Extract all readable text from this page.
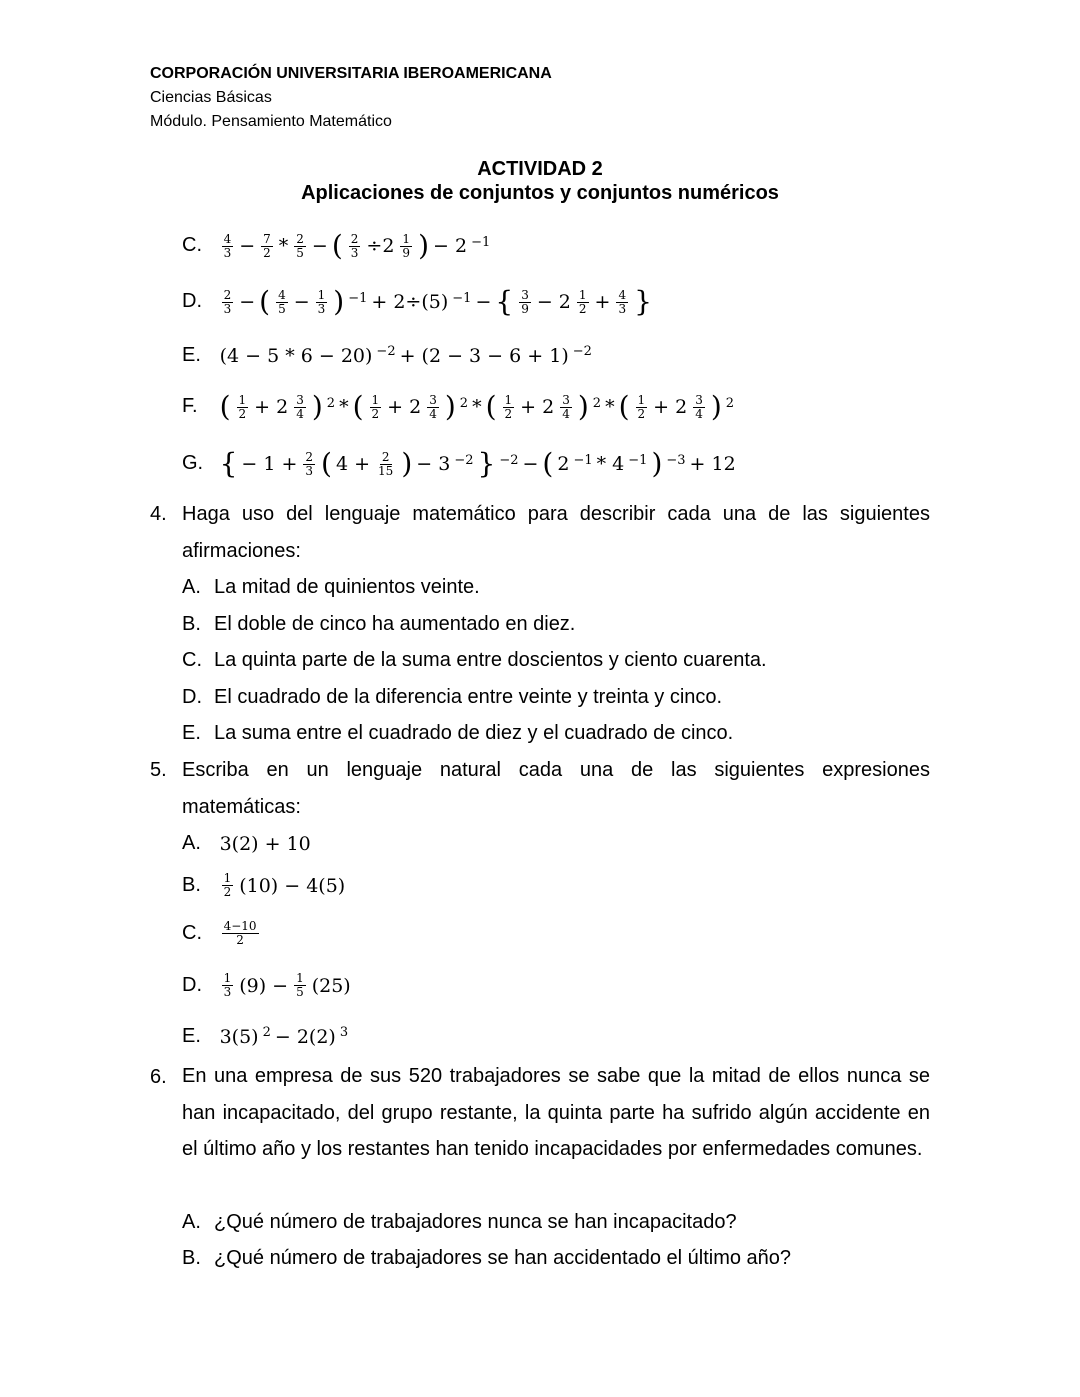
CORPORACIÓN UNIVERSITARIA IBEROAMERICANA
Ciencias Básicas
Módulo. Pensamiento Matemático
ACTIVIDAD 2
Aplicaciones de conjuntos y conjuntos numéricos
C. 4
3 − 7
2 * 2
5 − ( 2
3 ÷2 1
9 ) − 2 $^{-1}$
D. 2
3 − ( 4
5 − 1
3 ) $^{-1}$ + 2÷(5) $^{-1}$ − { 3
9 − 2 1
2 + 4
3 }
E. (4 − 5 * 6 − 20) $^{-2}$ + (2 − 3 − 6 + 1) $^{-2}$
F. ( 1
2 + 2 3
4 ) $^2$ * ( 1
2 + 2 3
4 ) $^2$ * ( 1
2 + 2 3
4 ) $^2$ * ( 1
2 + 2 3
4 ) $^2$
G. { − 1 + 2
3 ( 4 + 2
15 ) − 3 $^{-2}$ } $^{-2}$ − ( 2 $^{-1}$ * 4 $^{-1}$ ) $^{-3}$ + 12
4. Haga uso del lenguaje matemático para describir cada una de las siguientes afirmaciones:
A. La mitad de quinientos veinte.
B. El doble de cinco ha aumentado en diez.
C. La quinta parte de la suma entre doscientos y ciento cuarenta.
D. El cuadrado de la diferencia entre veinte y treinta y cinco.
E. La suma entre el cuadrado de diez y el cuadrado de cinco.
5. Escriba en un lenguaje natural cada una de las siguientes expresiones matemáticas:
A. 3(2) + 10
B. 1
2 (10) − 4(5)
C. 4−10
2
D. 1
3 (9) − 1
5 (25)
E. 3(5) $^2$ − 2(2) $^3$
6. En una empresa de sus 520 trabajadores se sabe que la mitad de ellos nunca se han incapacitado, del grupo restante, la quinta parte ha sufrido algún accidente en el último año y los restantes han tenido incapacidades por enfermedades comunes.
A. ¿Qué número de trabajadores nunca se han incapacitado?
B. ¿Qué número de trabajadores se han accidentado el último año?
